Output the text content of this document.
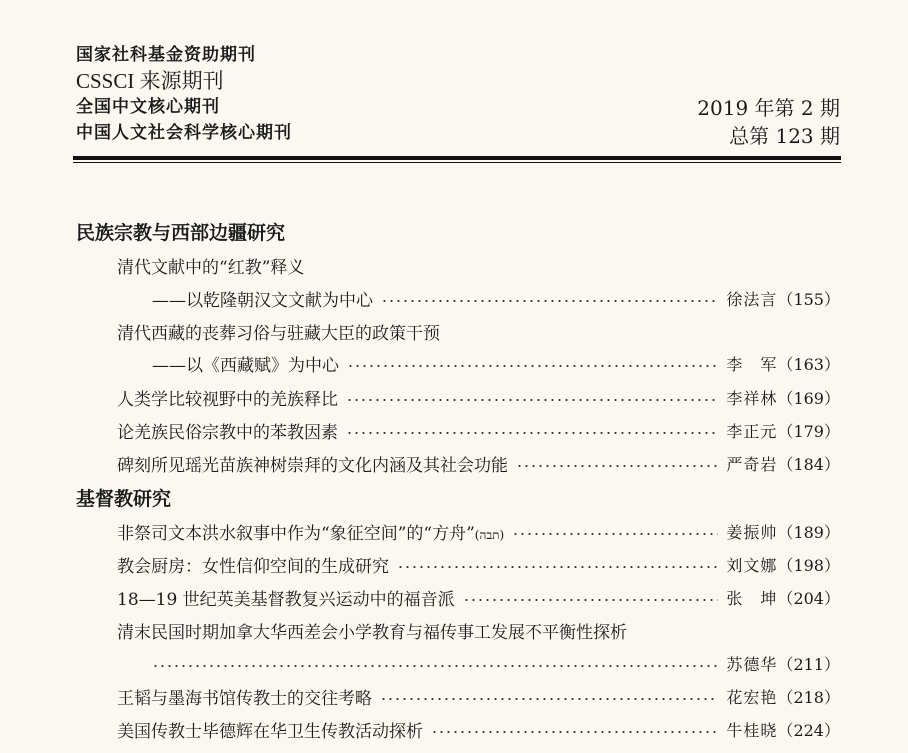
国家社科基金资助期刊
CSSCI 来源期刊
全国中文核心期刊
中国人文社会科学核心期刊
2019 年第 2 期
总第 123 期
民族宗教与西部边疆研究
清代文献中的“红教”释义
——以乾隆朝汉文文献为中心	徐法言（155）
清代西藏的丧葬习俗与驻藏大臣的政策干预
——以《西藏赋》为中心	李　军（163）
人类学比较视野中的羌族释比	李祥林（169）
论羌族民俗宗教中的苯教因素	李正元（179）
碑刻所见瑶光苗族神树崇拜的文化内涵及其社会功能	严奇岩（184）
基督教研究
非祭司文本洪水叙事中作为“象征空间”的“方舟”(תבה)	姜振帅（189）
教会厨房：女性信仰空间的生成研究	刘文娜（198）
18—19 世纪英美基督教复兴运动中的福音派	张　坤（204）
清末民国时期加拿大华西差会小学教育与福传事工发展不平衡性探析
苏德华（211）
王韬与墨海书馆传教士的交往考略	花宏艳（218）
美国传教士毕德辉在华卫生传教活动探析	牛桂晓（224）
